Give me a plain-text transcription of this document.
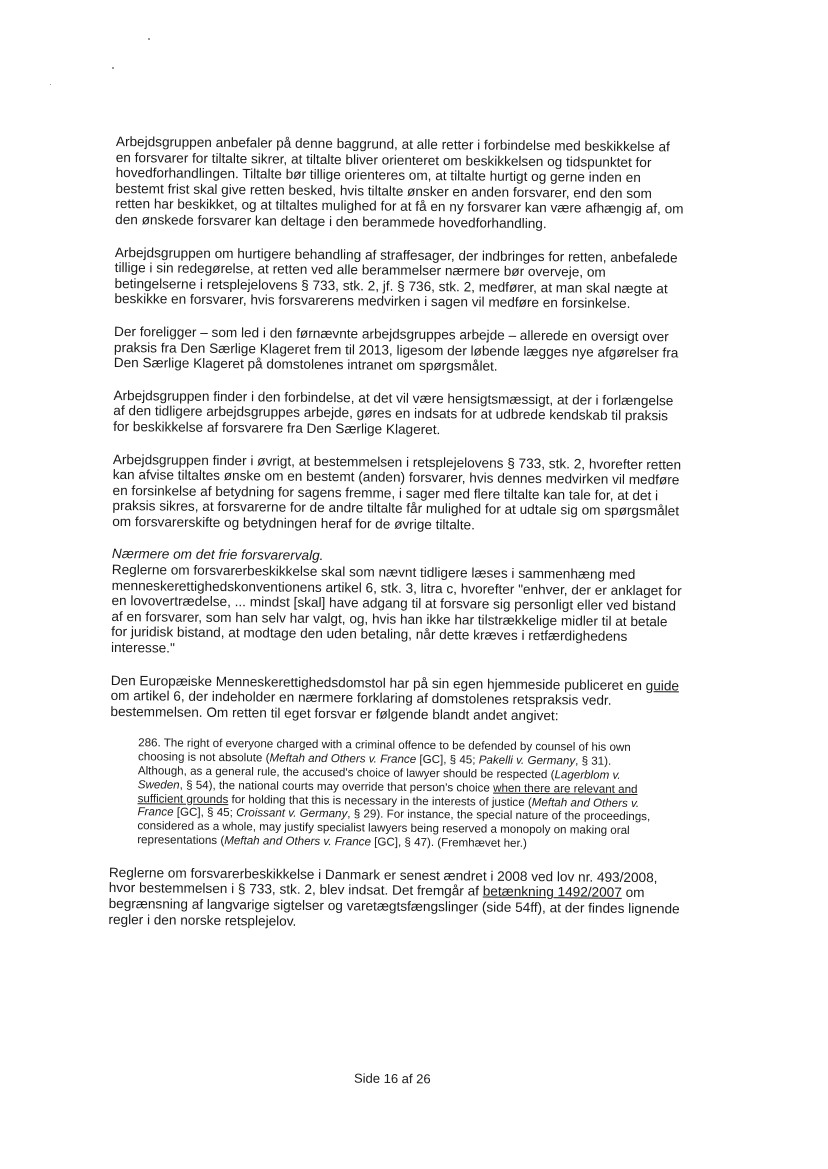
Arbejdsgruppen anbefaler på denne baggrund, at alle retter i forbindelse med beskikkelse af en forsvarer for tiltalte sikrer, at tiltalte bliver orienteret om beskikkelsen og tidspunktet for hovedforhandlingen. Tiltalte bør tillige orienteres om, at tiltalte hurtigt og gerne inden en bestemt frist skal give retten besked, hvis tiltalte ønsker en anden forsvarer, end den som retten har beskikket, og at tiltaltes mulighed for at få en ny forsvarer kan være afhængig af, om den ønskede forsvarer kan deltage i den berammede hovedforhandling.

Arbejdsgruppen om hurtigere behandling af straffesager, der indbringes for retten, anbefalede tillige i sin redegørelse, at retten ved alle berammelser nærmere bør overveje, om betingelserne i retsplejelovens § 733, stk. 2, jf. § 736, stk. 2, medfører, at man skal nægte at beskikke en forsvarer, hvis forsvarerens medvirken i sagen vil medføre en forsinkelse.

Der foreligger – som led i den førnævnte arbejdsgruppes arbejde – allerede en oversigt over praksis fra Den Særlige Klageret frem til 2013, ligesom der løbende lægges nye afgørelser fra Den Særlige Klageret på domstolenes intranet om spørgsmålet.

Arbejdsgruppen finder i den forbindelse, at det vil være hensigtsmæssigt, at der i forlængelse af den tidligere arbejdsgruppes arbejde, gøres en indsats for at udbrede kendskab til praksis for beskikkelse af forsvarere fra Den Særlige Klageret.

Arbejdsgruppen finder i øvrigt, at bestemmelsen i retsplejelovens § 733, stk. 2, hvorefter retten kan afvise tiltaltes ønske om en bestemt (anden) forsvarer, hvis dennes medvirken vil medføre en forsinkelse af betydning for sagens fremme, i sager med flere tiltalte kan tale for, at det i praksis sikres, at forsvarerne for de andre tiltalte får mulighed for at udtale sig om spørgsmålet om forsvarerskifte og betydningen heraf for de øvrige tiltalte.

Nærmere om det frie forsvarervalg.

Reglerne om forsvarerbeskikkelse skal som nævnt tidligere læses i sammenhæng med menneskerettighedskonventionens artikel 6, stk. 3, litra c, hvorefter "enhver, der er anklaget for en lovovertrædelse, ... mindst [skal] have adgang til at forsvare sig personligt eller ved bistand af en forsvarer, som han selv har valgt, og, hvis han ikke har tilstrækkelige midler til at betale for juridisk bistand, at modtage den uden betaling, når dette kræves i retfærdighedens interesse."

Den Europæiske Menneskerettighedsdomstol har på sin egen hjemmeside publiceret en guide om artikel 6, der indeholder en nærmere forklaring af domstolenes retspraksis vedr. bestemmelsen. Om retten til eget forsvar er følgende blandt andet angivet:

286. The right of everyone charged with a criminal offence to be defended by counsel of his own choosing is not absolute (Meftah and Others v. France [GC], § 45; Pakelli v. Germany, § 31). Although, as a general rule, the accused's choice of lawyer should be respected (Lagerblom v. Sweden, § 54), the national courts may override that person's choice when there are relevant and sufficient grounds for holding that this is necessary in the interests of justice (Meftah and Others v. France [GC], § 45; Croissant v. Germany, § 29). For instance, the special nature of the proceedings, considered as a whole, may justify specialist lawyers being reserved a monopoly on making oral representations (Meftah and Others v. France [GC], § 47). (Fremhævet her.)

Reglerne om forsvarerbeskikkelse i Danmark er senest ændret i 2008 ved lov nr. 493/2008, hvor bestemmelsen i § 733, stk. 2, blev indsat. Det fremgår af betænkning 1492/2007 om begrænsning af langvarige sigtelser og varetægtsfængslinger (side 54ff), at der findes lignende regler i den norske retsplejelov.

Side 16 af 26
